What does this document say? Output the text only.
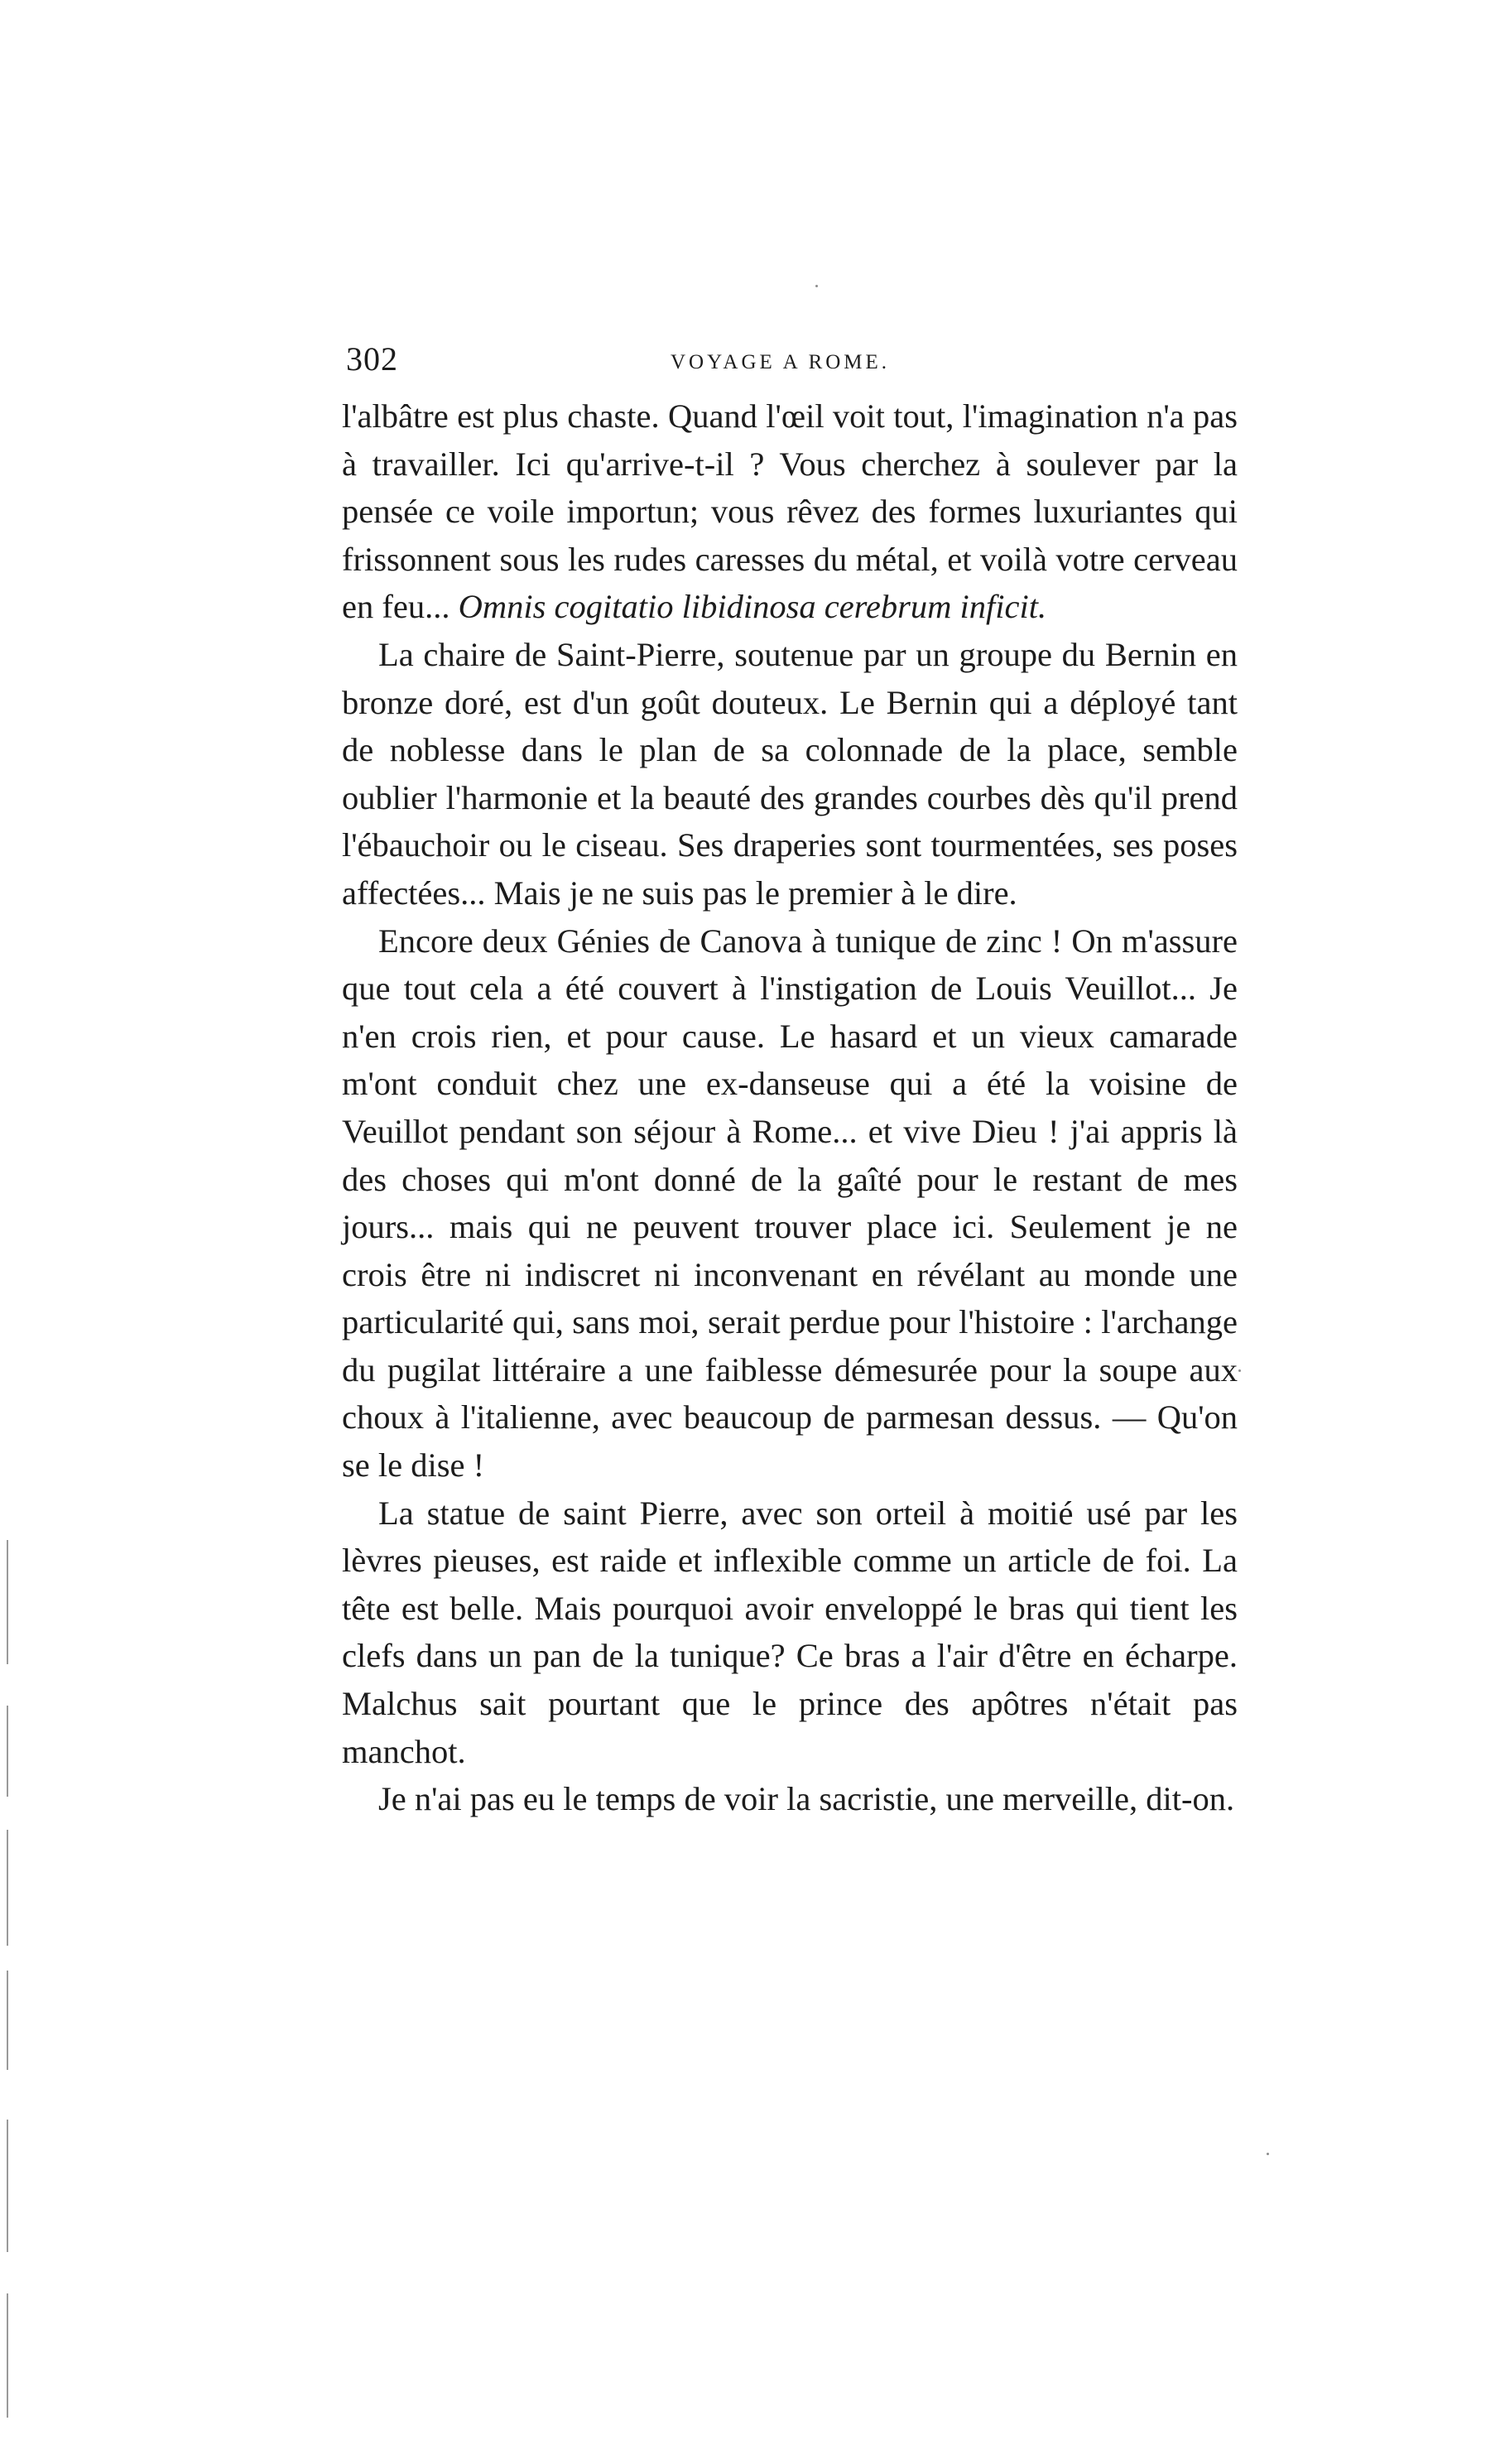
302	VOYAGE A ROME.

l'albâtre est plus chaste. Quand l'œil voit tout, l'imagination n'a pas à travailler. Ici qu'arrive-t-il ? Vous cherchez à soulever par la pensée ce voile importun; vous rêvez des formes luxuriantes qui frissonnent sous les rudes caresses du métal, et voilà votre cerveau en feu... Omnis cogitatio libidinosa cerebrum inficit.

La chaire de Saint-Pierre, soutenue par un groupe du Bernin en bronze doré, est d'un goût douteux. Le Bernin qui a déployé tant de noblesse dans le plan de sa colonnade de la place, semble oublier l'harmonie et la beauté des grandes courbes dès qu'il prend l'ébauchoir ou le ciseau. Ses draperies sont tourmentées, ses poses affectées... Mais je ne suis pas le premier à le dire.

Encore deux Génies de Canova à tunique de zinc ! On m'assure que tout cela a été couvert à l'instigation de Louis Veuillot... Je n'en crois rien, et pour cause. Le hasard et un vieux camarade m'ont conduit chez une ex-danseuse qui a été la voisine de Veuillot pendant son séjour à Rome... et vive Dieu ! j'ai appris là des choses qui m'ont donné de la gaîté pour le restant de mes jours... mais qui ne peuvent trouver place ici. Seulement je ne crois être ni indiscret ni inconvenant en révélant au monde une particularité qui, sans moi, serait perdue pour l'histoire : l'archange du pugilat littéraire a une faiblesse démesurée pour la soupe aux choux à l'italienne, avec beaucoup de parmesan dessus. — Qu'on se le dise !

La statue de saint Pierre, avec son orteil à moitié usé par les lèvres pieuses, est raide et inflexible comme un article de foi. La tête est belle. Mais pourquoi avoir enveloppé le bras qui tient les clefs dans un pan de la tunique? Ce bras a l'air d'être en écharpe. Malchus sait pourtant que le prince des apôtres n'était pas manchot.

Je n'ai pas eu le temps de voir la sacristie, une merveille, dit-on.
